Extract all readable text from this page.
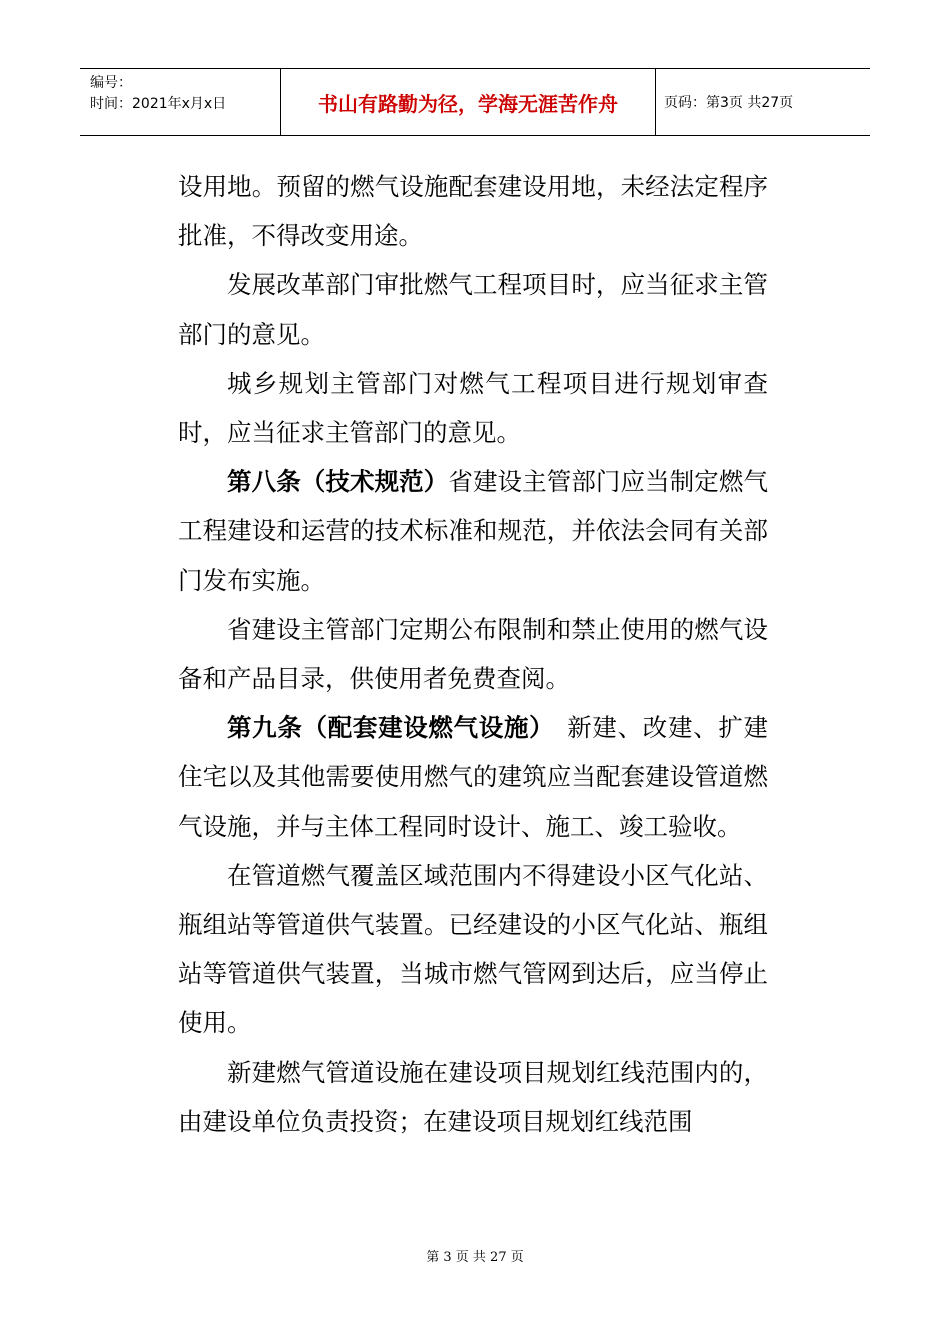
编号：
时间：2021年x月x日	书山有路勤为径，学海无涯苦作舟	页码：第3页 共27页

设用地。预留的燃气设施配套建设用地，未经法定程序批准，不得改变用途。

发展改革部门审批燃气工程项目时，应当征求主管部门的意见。

城乡规划主管部门对燃气工程项目进行规划审查时，应当征求主管部门的意见。

第八条（技术规范）省建设主管部门应当制定燃气工程建设和运营的技术标准和规范，并依法会同有关部门发布实施。

省建设主管部门定期公布限制和禁止使用的燃气设备和产品目录，供使用者免费查阅。

第九条（配套建设燃气设施）　新建、改建、扩建住宅以及其他需要使用燃气的建筑应当配套建设管道燃气设施，并与主体工程同时设计、施工、竣工验收。

在管道燃气覆盖区域范围内不得建设小区气化站、瓶组站等管道供气装置。已经建设的小区气化站、瓶组站等管道供气装置，当城市燃气管网到达后，应当停止使用。

新建燃气管道设施在建设项目规划红线范围内的，由建设单位负责投资；在建设项目规划红线范围

第 3 页 共 27 页
